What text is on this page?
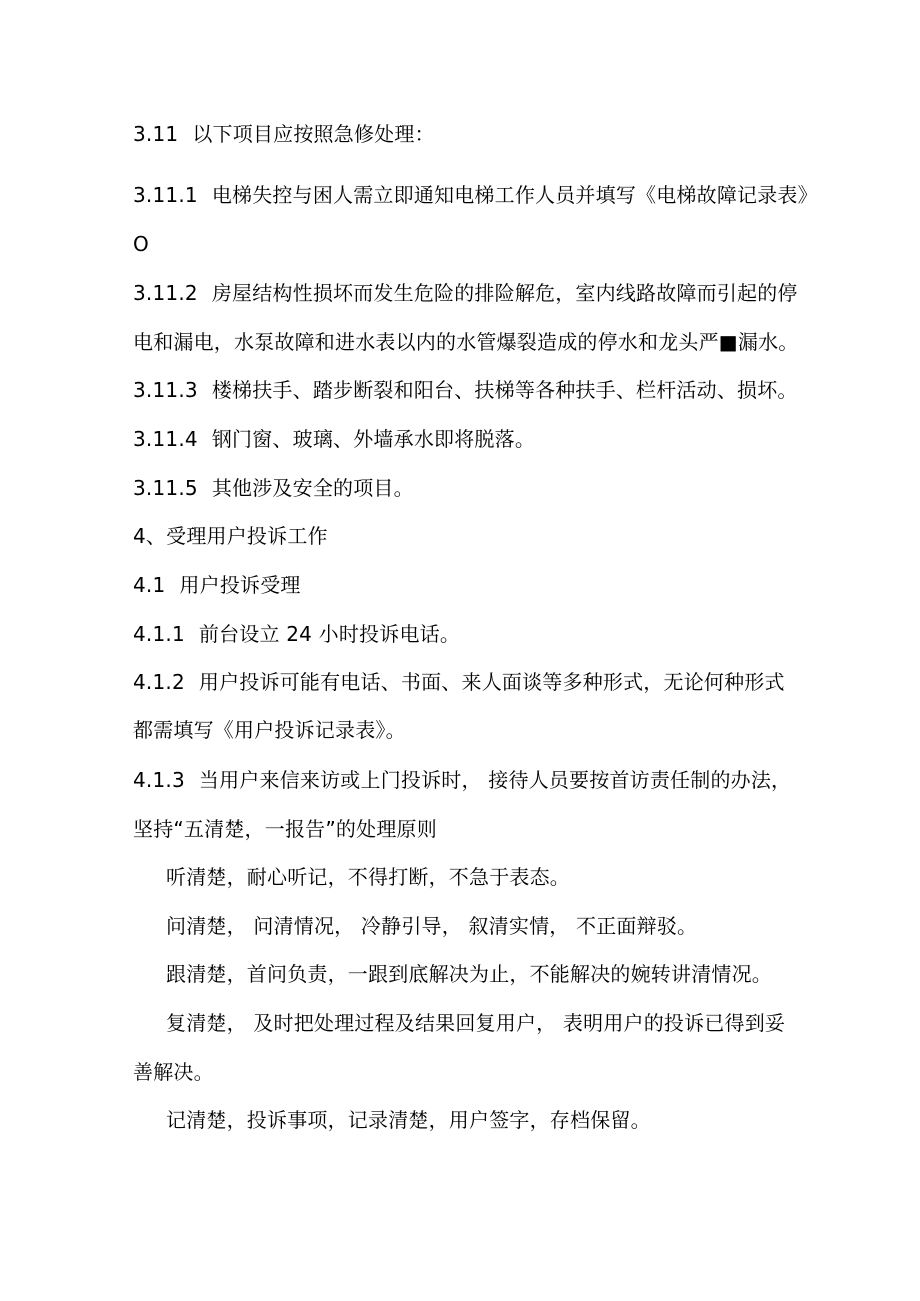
3.11 以下项目应按照急修处理：
3.11.1 电梯失控与困人需立即通知电梯工作人员并填写《电梯故障记录表》
O
3.11.2 房屋结构性损坏而发生危险的排险解危，室内线路故障而引起的停
电和漏电，水泵故障和进水表以内的水管爆裂造成的停水和龙头严■漏水。
3.11.3 楼梯扶手、踏步断裂和阳台、扶梯等各种扶手、栏杆活动、损坏。
3.11.4 钢门窗、玻璃、外墙承水即将脱落。
3.11.5 其他涉及安全的项目。
4、受理用户投诉工作
4.1 用户投诉受理
4.1.1 前台设立 24 小时投诉电话。
4.1.2 用户投诉可能有电话、书面、来人面谈等多种形式，无论何种形式
都需填写《用户投诉记录表》。
4.1.3 当用户来信来访或上门投诉时， 接待人员要按首访责任制的办法，
坚持“五清楚，一报告”的处理原则
听清楚，耐心听记，不得打断，不急于表态。
问清楚， 问清情况， 冷静引导， 叙清实情， 不正面辩驳。
跟清楚，首问负责，一跟到底解决为止，不能解决的婉转讲清情况。
复清楚， 及时把处理过程及结果回复用户， 表明用户的投诉已得到妥
善解决。
记清楚，投诉事项，记录清楚，用户签字，存档保留。
